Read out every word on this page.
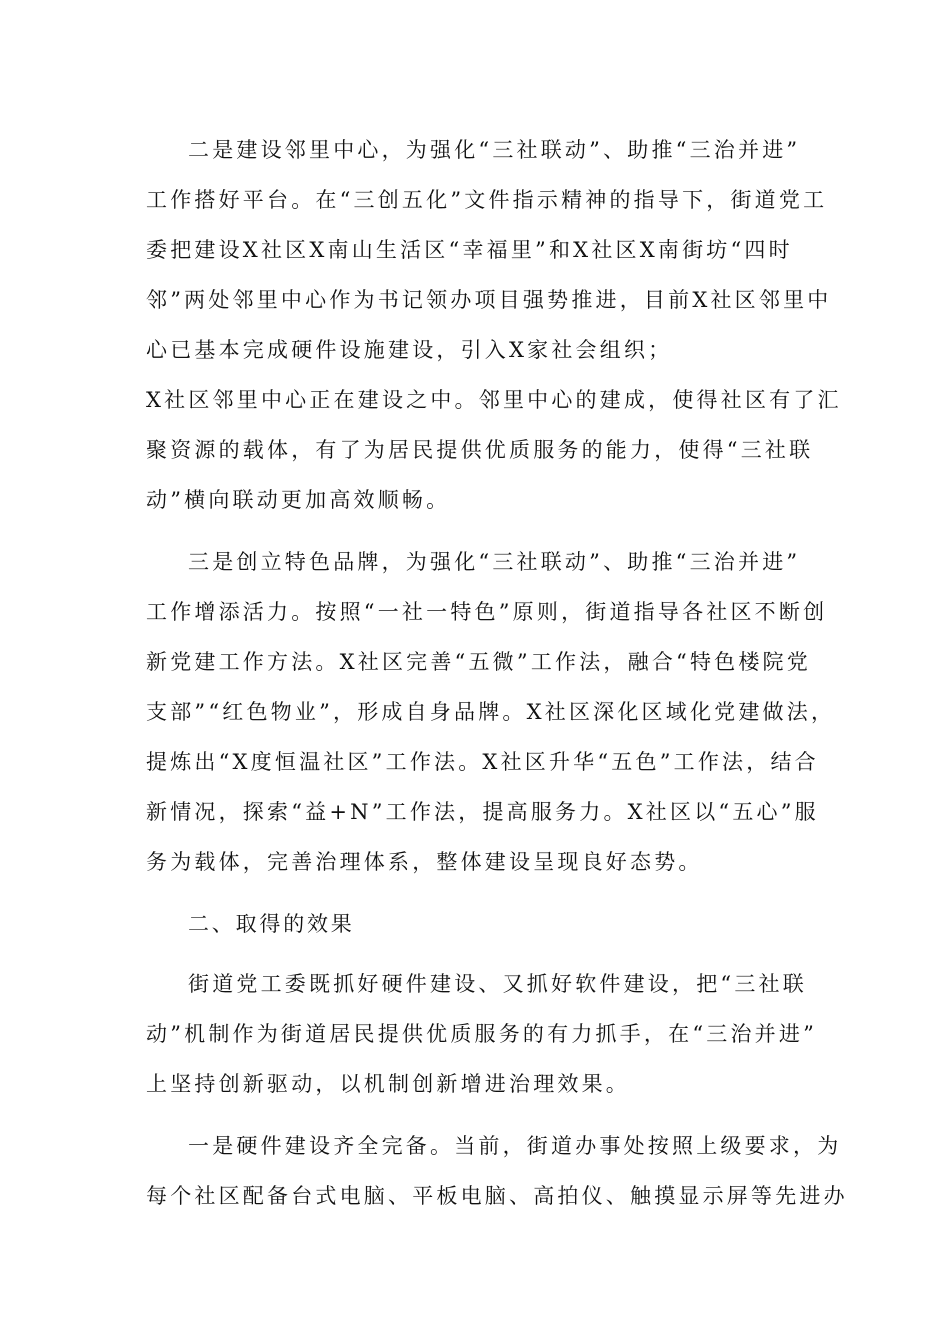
二是建设邻里中心，为强化“三社联动”、助推“三治并进”
工作搭好平台。在“三创五化”文件指示精神的指导下，街道党工
委把建设X社区X南山生活区“幸福里”和X社区X南街坊“四时
邻”两处邻里中心作为书记领办项目强势推进，目前X社区邻里中
心已基本完成硬件设施建设，引入X家社会组织；
X社区邻里中心正在建设之中。邻里中心的建成，使得社区有了汇
聚资源的载体，有了为居民提供优质服务的能力，使得“三社联
动”横向联动更加高效顺畅。
三是创立特色品牌，为强化“三社联动”、助推“三治并进”
工作增添活力。按照“一社一特色”原则，街道指导各社区不断创
新党建工作方法。X社区完善“五微”工作法，融合“特色楼院党
支部”“红色物业”，形成自身品牌。X社区深化区域化党建做法，
提炼出“X度恒温社区”工作法。X社区升华“五色”工作法，结合
新情况，探索“益+N”工作法，提高服务力。X社区以“五心”服
务为载体，完善治理体系，整体建设呈现良好态势。
二、取得的效果
街道党工委既抓好硬件建设、又抓好软件建设，把“三社联
动”机制作为街道居民提供优质服务的有力抓手，在“三治并进”
上坚持创新驱动，以机制创新增进治理效果。
一是硬件建设齐全完备。当前，街道办事处按照上级要求，为
每个社区配备台式电脑、平板电脑、高拍仪、触摸显示屏等先进办
